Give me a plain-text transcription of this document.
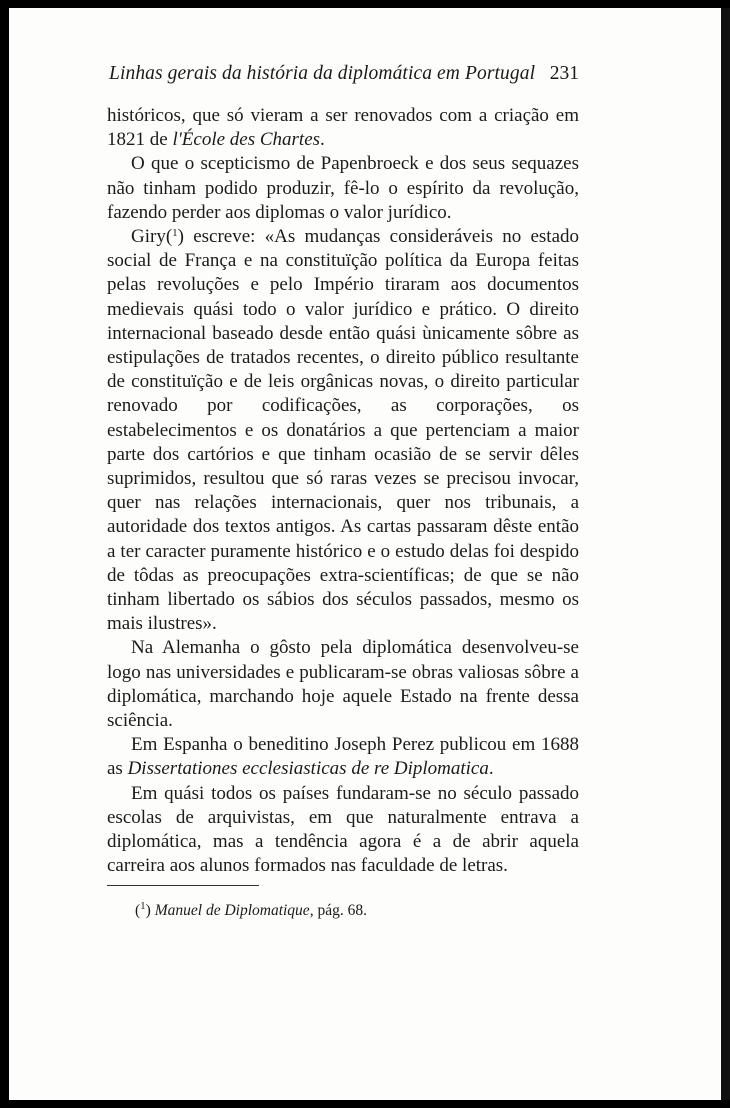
Linhas gerais da história da diplomática em Portugal 231

históricos, que só vieram a ser renovados com a criação em 1821 de l'École des Chartes.

O que o scepticismo de Papenbroeck e dos seus sequazes não tinham podido produzir, fê-lo o espírito da revolução, fazendo perder aos diplomas o valor jurídico.

Giry($^1$) escreve: «As mudanças consideráveis no estado social de França e na constituïção política da Europa feitas pelas revoluções e pelo Império tiraram aos documentos medievais quási todo o valor jurídico e prático. O direito internacional baseado desde então quási ùnicamente sôbre as estipulações de tratados recentes, o direito público resultante de constituïção e de leis orgânicas novas, o direito particular renovado por codificações, as corporações, os estabelecimentos e os donatários a que pertenciam a maior parte dos cartórios e que tinham ocasião de se servir dêles suprimidos, resultou que só raras vezes se precisou invocar, quer nas relações internacionais, quer nos tribunais, a autoridade dos textos antigos. As cartas passaram dêste então a ter caracter puramente histórico e o estudo delas foi despido de tôdas as preocupações extra-scientíficas; de que se não tinham libertado os sábios dos séculos passados, mesmo os mais ilustres».

Na Alemanha o gôsto pela diplomática desenvolveu-se logo nas universidades e publicaram-se obras valiosas sôbre a diplomática, marchando hoje aquele Estado na frente dessa sciência.

Em Espanha o beneditino Joseph Perez publicou em 1688 as Dissertationes ecclesiasticas de re Diplomatica.

Em quási todos os países fundaram-se no século passado escolas de arquivistas, em que naturalmente entrava a diplomática, mas a tendência agora é a de abrir aquela carreira aos alunos formados nas faculdade de letras.

($^1$) Manuel de Diplomatique, pág. 68.
